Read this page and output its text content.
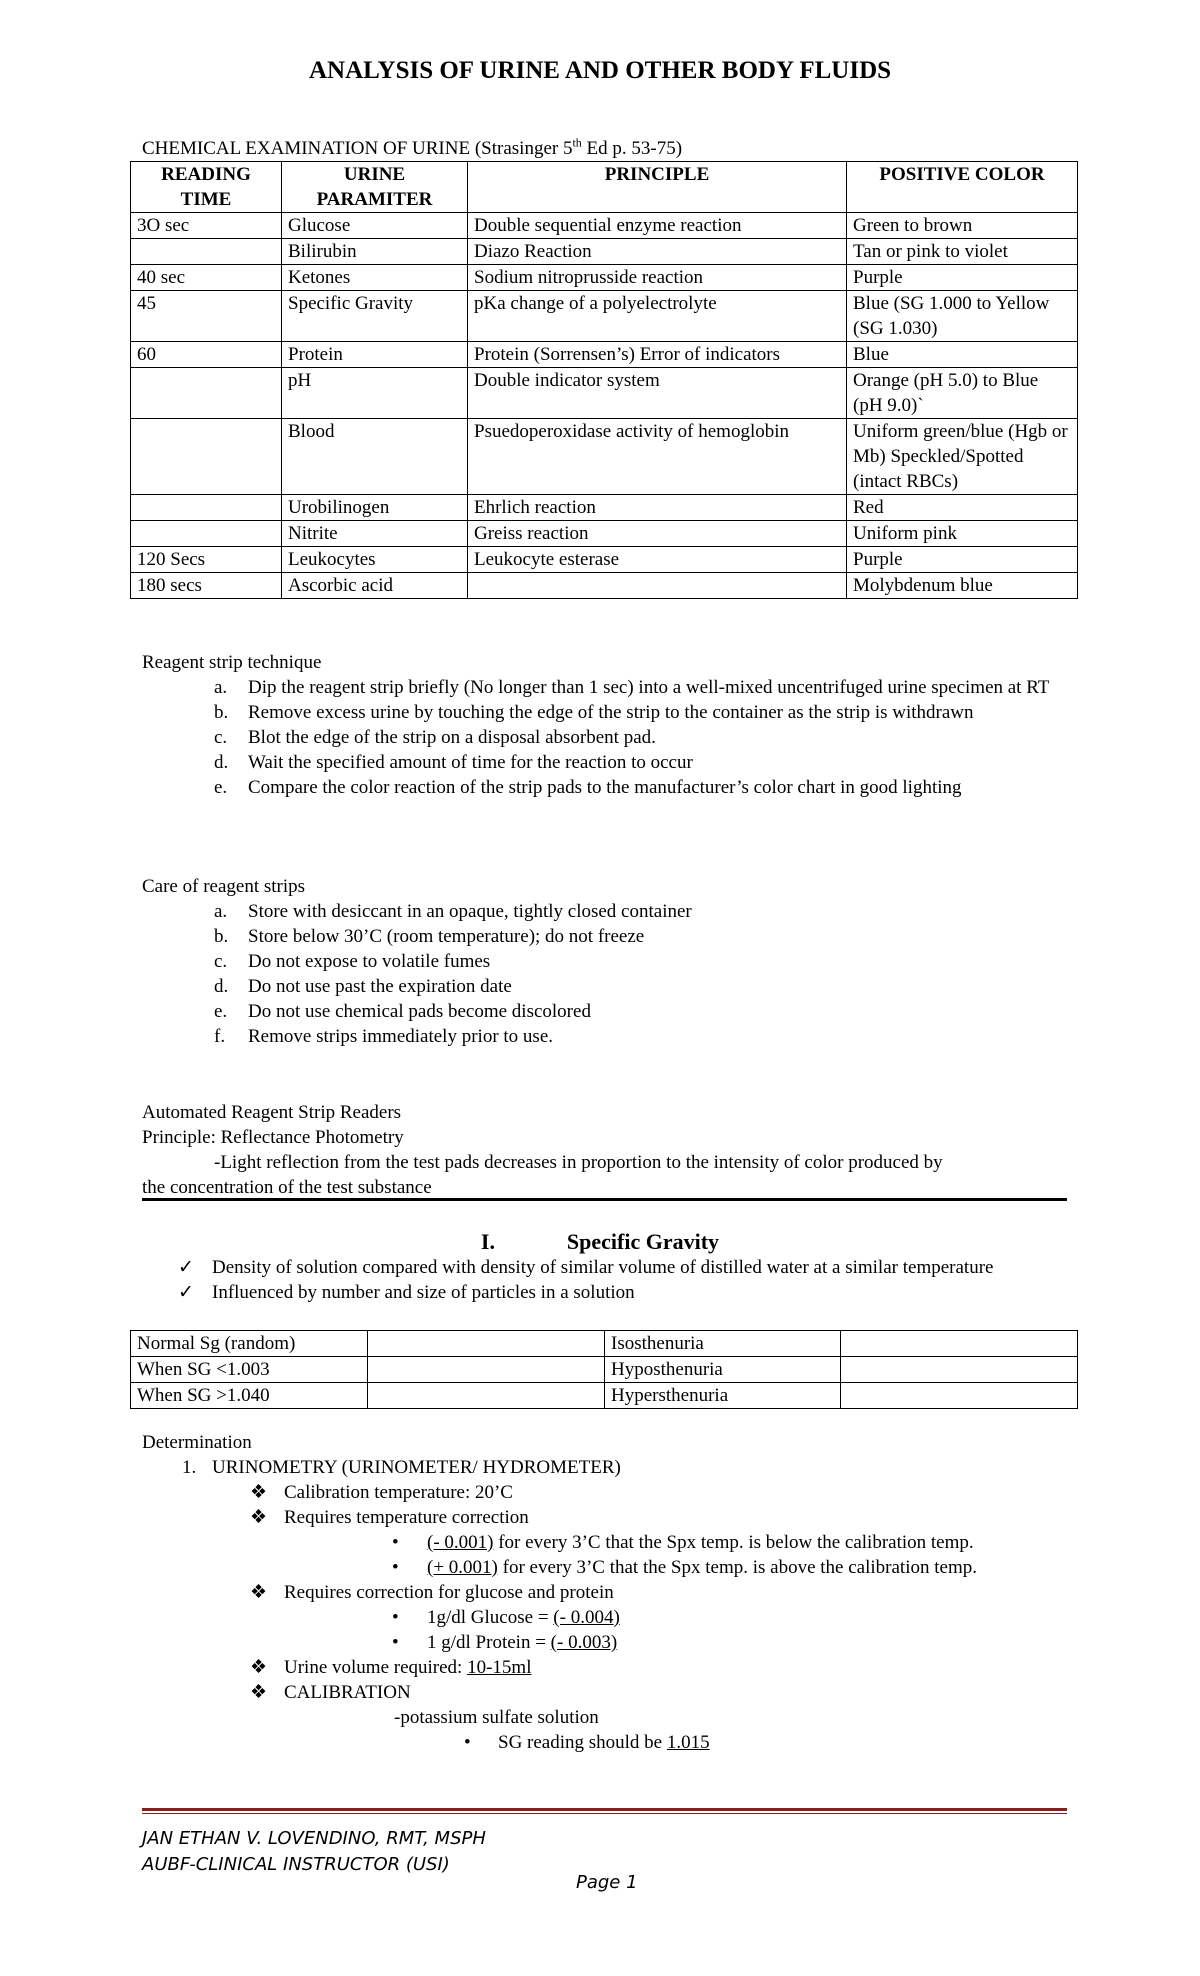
ANALYSIS OF URINE AND OTHER BODY FLUIDS
CHEMICAL EXAMINATION OF URINE (Strasinger 5th Ed p. 53-75)
READING TIME	URINE PARAMITER	PRINCIPLE	POSITIVE COLOR
3O sec	Glucose	Double sequential enzyme reaction	Green to brown
	Bilirubin	Diazo Reaction	Tan or pink to violet
40 sec	Ketones	Sodium nitroprusside reaction	Purple
45	Specific Gravity	pKa change of a polyelectrolyte	Blue (SG 1.000 to Yellow (SG 1.030)
60	Protein	Protein (Sorrensen’s) Error of indicators	Blue
	pH	Double indicator system	Orange (pH 5.0) to Blue (pH 9.0)`
	Blood	Psuedoperoxidase activity of hemoglobin	Uniform green/blue (Hgb or Mb) Speckled/Spotted (intact RBCs)
	Urobilinogen	Ehrlich reaction	Red
	Nitrite	Greiss reaction	Uniform pink
120 Secs	Leukocytes	Leukocyte esterase	Purple
180 secs	Ascorbic acid		Molybdenum blue
Reagent strip technique
a. Dip the reagent strip briefly (No longer than 1 sec) into a well-mixed uncentrifuged urine specimen at RT
b. Remove excess urine by touching the edge of the strip to the container as the strip is withdrawn
c. Blot the edge of the strip on a disposal absorbent pad.
d. Wait the specified amount of time for the reaction to occur
e. Compare the color reaction of the strip pads to the manufacturer’s color chart in good lighting
Care of reagent strips
a. Store with desiccant in an opaque, tightly closed container
b. Store below 30’C (room temperature); do not freeze
c. Do not expose to volatile fumes
d. Do not use past the expiration date
e. Do not use chemical pads become discolored
f. Remove strips immediately prior to use.
Automated Reagent Strip Readers
Principle: Reflectance Photometry
-Light reflection from the test pads decreases in proportion to the intensity of color produced by
the concentration of the test substance
I.	Specific Gravity
✓ Density of solution compared with density of similar volume of distilled water at a similar temperature
✓ Influenced by number and size of particles in a solution
Normal Sg (random)		Isosthenuria	
When SG <1.003		Hyposthenuria	
When SG >1.040		Hypersthenuria	
Determination
1. URINOMETRY (URINOMETER/ HYDROMETER)
❖ Calibration temperature: 20’C
❖ Requires temperature correction
• (- 0.001) for every 3’C that the Spx temp. is below the calibration temp.
• (+ 0.001) for every 3’C that the Spx temp. is above the calibration temp.
❖ Requires correction for glucose and protein
• 1g/dl Glucose = (- 0.004)
• 1 g/dl Protein = (- 0.003)
❖ Urine volume required: 10-15ml
❖ CALIBRATION
-potassium sulfate solution
• SG reading should be 1.015
JAN ETHAN V. LOVENDINO, RMT, MSPH
AUBF-CLINICAL INSTRUCTOR (USI)
Page 1
